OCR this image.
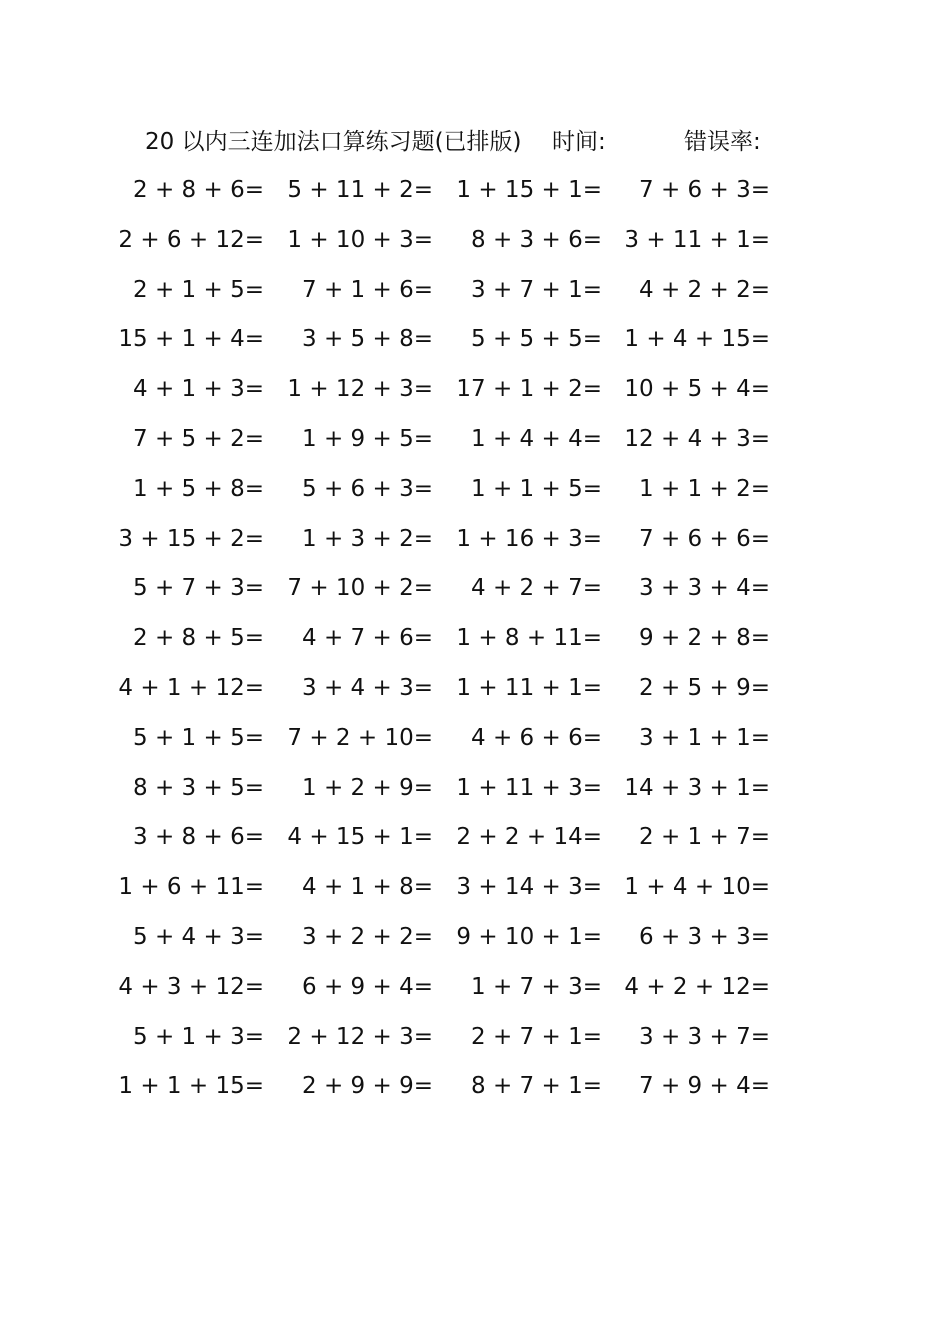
20 以内三连加法口算练习题(已排版) 时间:	错误率:
2 + 8 + 6=	5 + 11 + 2=	1 + 15 + 1=	7 + 6 + 3=
2 + 6 + 12=	1 + 10 + 3=	8 + 3 + 6= 3 + 11 + 1=
2 + 1 + 5=	7 + 1 + 6=	3 + 7 + 1=	4 + 2 + 2=
15 + 1 + 4=	3 + 5 + 8=	5 + 5 + 5= 1 + 4 + 15=
4 + 1 + 3=	1 + 12 + 3=	17 + 1 + 2= 10 + 5 + 4=
7 + 5 + 2=	1 + 9 + 5=	1 + 4 + 4= 12 + 4 + 3=
1 + 5 + 8=	5 + 6 + 3=	1 + 1 + 5=	1 + 1 + 2=
3 + 15 + 2=	1 + 3 + 2=	1 + 16 + 3=	7 + 6 + 6=
5 + 7 + 3=	7 + 10 + 2=	4 + 2 + 7=	3 + 3 + 4=
2 + 8 + 5=	4 + 7 + 6=	1 + 8 + 11=	9 + 2 + 8=
4 + 1 + 12=	3 + 4 + 3=	1 + 11 + 1=	2 + 5 + 9=
5 + 1 + 5=	7 + 2 + 10=	4 + 6 + 6=	3 + 1 + 1=
8 + 3 + 5=	1 + 2 + 9=	1 + 11 + 3= 14 + 3 + 1=
3 + 8 + 6=	4 + 15 + 1=	2 + 2 + 14=	2 + 1 + 7=
1 + 6 + 11=	4 + 1 + 8=	3 + 14 + 3= 1 + 4 + 10=
5 + 4 + 3=	3 + 2 + 2=	9 + 10 + 1=	6 + 3 + 3=
4 + 3 + 12=	6 + 9 + 4=	1 + 7 + 3= 4 + 2 + 12=
5 + 1 + 3=	2 + 12 + 3=	2 + 7 + 1=	3 + 3 + 7=
1 + 1 + 15=	2 + 9 + 9=	8 + 7 + 1=	7 + 9 + 4=
